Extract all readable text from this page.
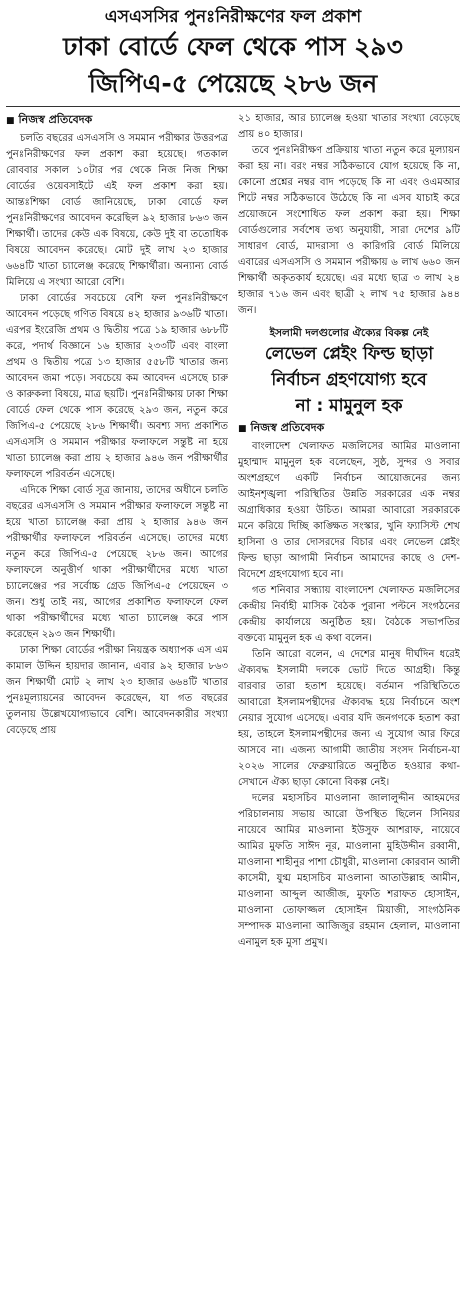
এসএসসির পুনঃনিরীক্ষণের ফল প্রকাশ
ঢাকা বোর্ডে ফেল থেকে পাস ২৯৩
জিপিএ-৫ পেয়েছে ২৮৬ জন
■ নিজস্ব প্রতিবেদক

চলতি বছরের এসএসসি ও সমমান পরীক্ষার উত্তরপত্র পুনঃনিরীক্ষণের ফল প্রকাশ করা হয়েছে। গতকাল রোববার সকাল ১০টার পর থেকে নিজ নিজ শিক্ষা বোর্ডের ওয়েবসাইটে এই ফল প্রকাশ করা হয়। আন্তঃশিক্ষা বোর্ড জানিয়েছে, ঢাকা বোর্ডে ফল পুনঃনিরীক্ষণের আবেদন করেছিল ৯২ হাজার ৮৬৩ জন শিক্ষার্থী। তাদের কেউ এক বিষয়ে, কেউ দুই বা ততোধিক বিষয়ে আবেদন করেছে। মোট দুই লাখ ২৩ হাজার ৬৬৪টি খাতা চ্যালেঞ্জ করেছে শিক্ষার্থীরা। অন্যান্য বোর্ড মিলিয়ে এ সংখ্যা আরো বেশি।

ঢাকা বোর্ডের সবচেয়ে বেশি ফল পুনঃনিরীক্ষণে আবেদন পড়েছে গণিত বিষয়ে ৪২ হাজার ৯৩৬টি খাতা। এরপর ইংরেজি প্রথম ও দ্বিতীয় পত্রে ১৯ হাজার ৬৮৮টি করে, পদার্থ বিজ্ঞানে ১৬ হাজার ২৩৩টি এবং বাংলা প্রথম ও দ্বিতীয় পত্রে ১৩ হাজার ৫৫৮টি খাতার জন্য আবেদন জমা পড়ে। সবচেয়ে কম আবেদন এসেছে চারু ও কারুকলা বিষয়ে, মাত্র ছয়টি। পুনঃনিরীক্ষায় ঢাকা শিক্ষা বোর্ডে ফেল থেকে পাস করেছে ২৯৩ জন, নতুন করে জিপিএ-৫ পেয়েছে ২৮৬ শিক্ষার্থী। অবশ্য সদ্য প্রকাশিত এসএসসি ও সমমান পরীক্ষার ফলাফলে সন্তুষ্ট না হয়ে খাতা চ্যালেঞ্জ করা প্রায় ২ হাজার ৯৪৬ জন পরীক্ষার্থীর ফলাফলে পরিবর্তন এসেছে।

এদিকে শিক্ষা বোর্ড সূত্র জানায়, তাদের অধীনে চলতি বছরের এসএসসি ও সমমান পরীক্ষার ফলাফলে সন্তুষ্ট না হয়ে খাতা চ্যালেঞ্জ করা প্রায় ২ হাজার ৯৪৬ জন পরীক্ষার্থীর ফলাফলে পরিবর্তন এসেছে। তাদের মধ্যে নতুন করে জিপিএ-৫ পেয়েছে ২৮৬ জন। আগের ফলাফলে অনুত্তীর্ণ থাকা পরীক্ষার্থীদের মধ্যে খাতা চ্যালেঞ্জের পর সর্বোচ্চ গ্রেড জিপিএ-৫ পেয়েছেন ৩ জন। শুধু তাই নয়, আগের প্রকাশিত ফলাফলে ফেল থাকা পরীক্ষার্থীদের মধ্যে খাতা চ্যালেঞ্জ করে পাস করেছেন ২৯৩ জন শিক্ষার্থী।

ঢাকা শিক্ষা বোর্ডের পরীক্ষা নিয়ন্ত্রক অধ্যাপক এস এম কামাল উদ্দিন হায়দার জানান, এবার ৯২ হাজার ৮৬৩ জন শিক্ষার্থী মোট ২ লাখ ২৩ হাজার ৬৬৪টি খাতার পুনঃমূল্যায়নের আবেদন করেছেন, যা গত বছরের তুলনায় উল্লেখযোগ্যভাবে বেশি। আবেদনকারীর সংখ্যা বেড়েছে প্রায়

২১ হাজার, আর চ্যালেঞ্জ হওয়া খাতার সংখ্যা বেড়েছে প্রায় ৪০ হাজার।

তবে পুনঃনিরীক্ষণ প্রক্রিয়ায় খাতা নতুন করে মূল্যায়ন করা হয় না। বরং নম্বর সঠিকভাবে যোগ হয়েছে কি না, কোনো প্রশ্নের নম্বর বাদ পড়েছে কি না এবং ওএমআর শিটে নম্বর সঠিকভাবে উঠেছে কি না এসব যাচাই করে প্রয়োজনে সংশোধিত ফল প্রকাশ করা হয়। শিক্ষা বোর্ডগুলোর সর্বশেষ তথ্য অনুযায়ী, সারা দেশের ৯টি সাধারণ বোর্ড, মাদরাসা ও কারিগরি বোর্ড মিলিয়ে এবারের এসএসসি ও সমমান পরীক্ষায় ৬ লাখ ৬৬০ জন শিক্ষার্থী অকৃতকার্য হয়েছে। এর মধ্যে ছাত্র ৩ লাখ ২৪ হাজার ৭১৬ জন এবং ছাত্রী ২ লাখ ৭৫ হাজার ৯৪৪ জন।

ইসলামী দলগুলোর ঐক্যের বিকল্প নেই
লেভেল প্লেইং ফিল্ড ছাড়া
নির্বাচন গ্রহণযোগ্য হবে
না : মামুনুল হক
■ নিজস্ব প্রতিবেদক

বাংলাদেশ খেলাফত মজলিসের আমির মাওলানা মুহাম্মাদ মামুনুল হক বলেছেন, সুষ্ঠ, সুন্দর ও সবার অংশগ্রহণে একটি নির্বাচন আয়োজনের জন্য আইনশৃঙ্খলা পরিস্থিতির উন্নতি সরকারের এক নম্বর অগ্রাধিকার হওয়া উচিত। আমরা আবারো সরকারকে মনে করিয়ে দিচ্ছি কাঙ্ক্ষিত সংস্কার, খুনি ফ্যাসিস্ট শেখ হাসিনা ও তার দোসরদের বিচার এবং লেভেল প্লেইং ফিল্ড ছাড়া আগামী নির্বাচন আমাদের কাছে ও দেশ-বিদেশে গ্রহণযোগ্য হবে না।

গত শনিবার সন্ধ্যায় বাংলাদেশ খেলাফত মজলিসের কেন্দ্রীয় নির্বাহী মাসিক বৈঠক পুরানা পল্টনে সংগঠনের কেন্দ্রীয় কার্যালয়ে অনুষ্ঠিত হয়। বৈঠকে সভাপতির বক্তব্যে মামুনুল হক এ কথা বলেন।

তিনি আরো বলেন, এ দেশের মানুষ দীর্ঘদিন ধরেই ঐক্যবদ্ধ ইসলামী দলকে ভোট দিতে আগ্রহী। কিন্তু বারবার তারা হতাশ হয়েছে। বর্তমান পরিস্থিতিতে আবারো ইসলামপন্থীদের ঐক্যবদ্ধ হয়ে নির্বাচনে অংশ নেয়ার সুযোগ এসেছে। এবার যদি জনগণকে হতাশ করা হয়, তাহলে ইসলামপন্থীদের জন্য এ সুযোগ আর ফিরে আসবে না। এজন্য আগামী জাতীয় সংসদ নির্বাচন-যা ২০২৬ সালের ফেব্রুয়ারিতে অনুষ্ঠিত হওয়ার কথা-সেখানে ঐক্য ছাড়া কোনো বিকল্প নেই।

দলের মহাসচিব মাওলানা জালালুদ্দীন আহমদের পরিচালনায় সভায় আরো উপস্থিত ছিলেন সিনিয়র নায়েবে আমির মাওলানা ইউসুফ আশরাফ, নায়েবে আমির মুফতি সাঈদ নূর, মাওলানা মুহিউদ্দীন রব্বানী, মাওলানা শাহীনুর পাশা চৌধুরী, মাওলানা কোরবান আলী কাসেমী, যুগ্ম মহাসচিব মাওলানা আতাউল্লাহ আমীন, মাওলানা আব্দুল আজীজ, মুফতি শরাফত হোসাইন, মাওলানা তোফাজ্জল হোসাইন মিয়াজী, সাংগঠনিক সম্পাদক মাওলানা আজিজুর রহমান হেলাল, মাওলানা এনামুল হক মুসা প্রমুখ।
